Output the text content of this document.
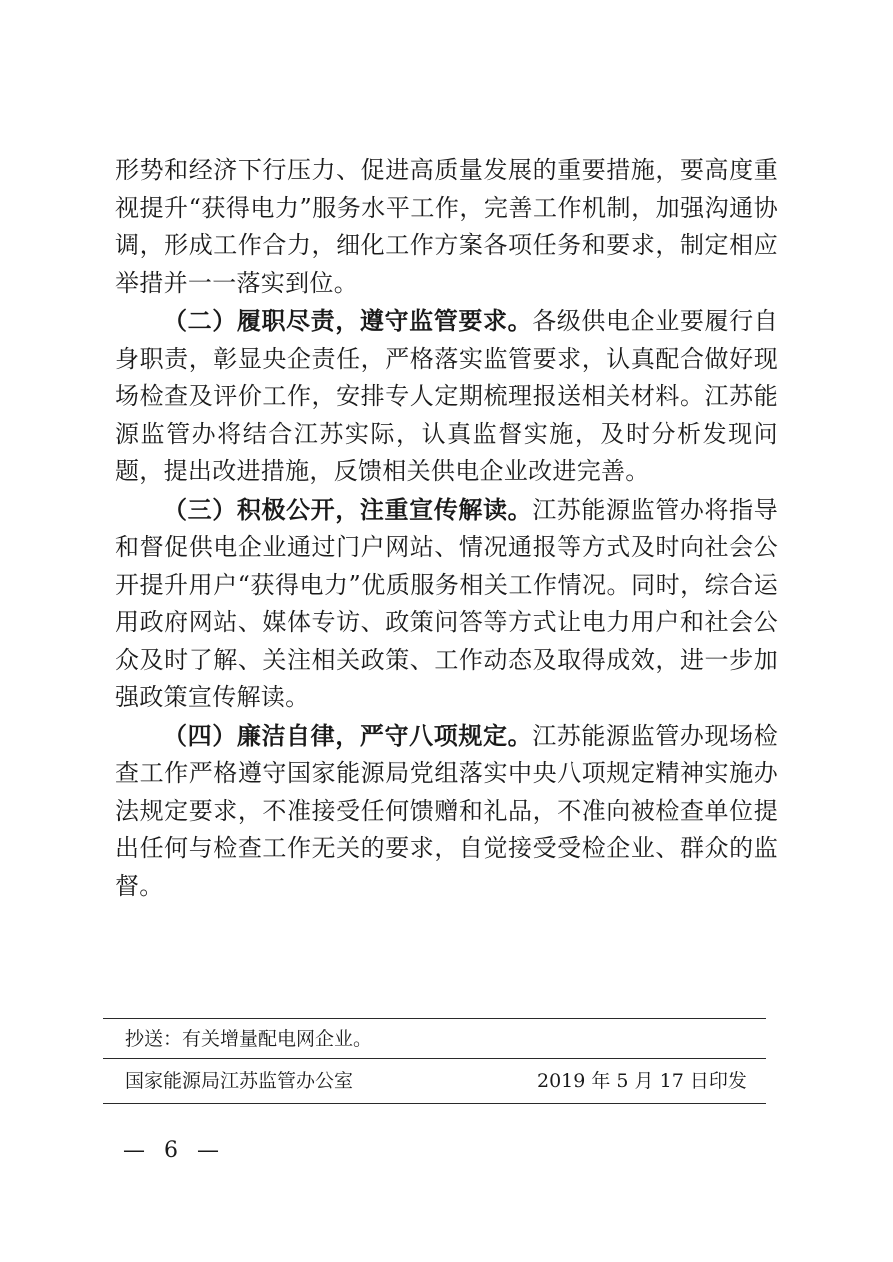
形势和经济下行压力、促进高质量发展的重要措施，要高度重视提升“获得电力”服务水平工作，完善工作机制，加强沟通协调，形成工作合力，细化工作方案各项任务和要求，制定相应举措并一一落实到位。

（二）履职尽责，遵守监管要求。各级供电企业要履行自身职责，彰显央企责任，严格落实监管要求，认真配合做好现场检查及评价工作，安排专人定期梳理报送相关材料。江苏能源监管办将结合江苏实际，认真监督实施，及时分析发现问题，提出改进措施，反馈相关供电企业改进完善。

（三）积极公开，注重宣传解读。江苏能源监管办将指导和督促供电企业通过门户网站、情况通报等方式及时向社会公开提升用户“获得电力”优质服务相关工作情况。同时，综合运用政府网站、媒体专访、政策问答等方式让电力用户和社会公众及时了解、关注相关政策、工作动态及取得成效，进一步加强政策宣传解读。

（四）廉洁自律，严守八项规定。江苏能源监管办现场检查工作严格遵守国家能源局党组落实中央八项规定精神实施办法规定要求，不准接受任何馈赠和礼品，不准向被检查单位提出任何与检查工作无关的要求，自觉接受受检企业、群众的监督。

抄送：有关增量配电网企业。
国家能源局江苏监管办公室	2019 年 5 月 17 日印发
— 6 —
